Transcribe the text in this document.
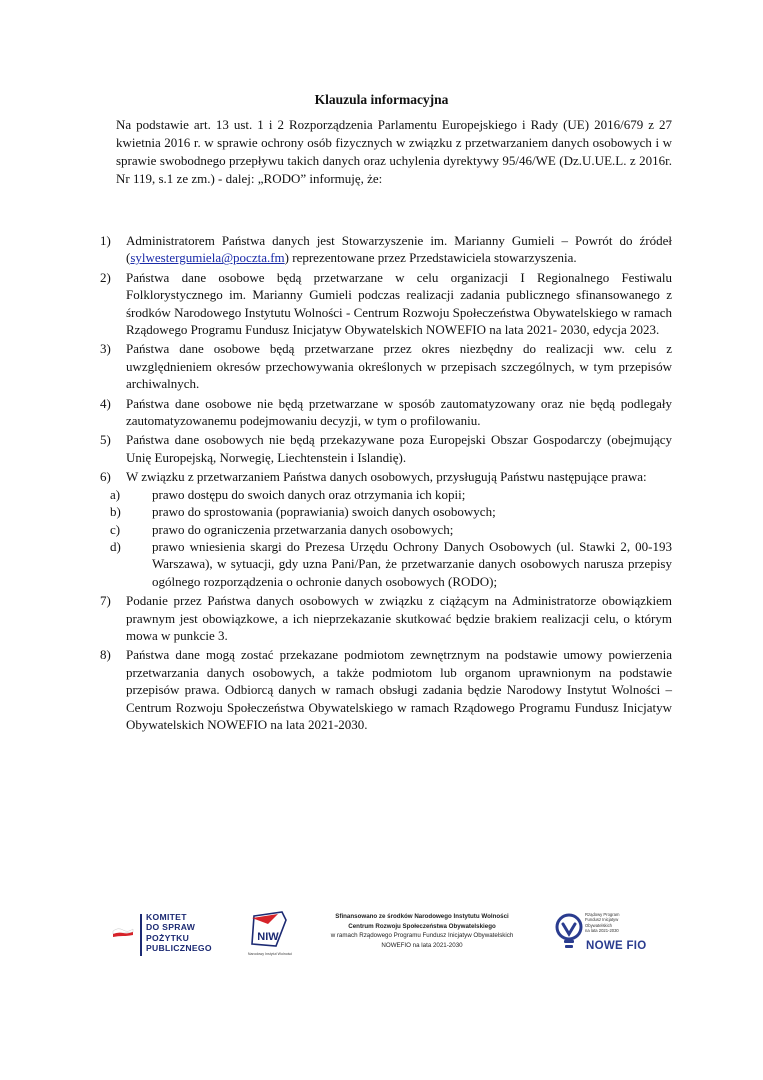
Klauzula informacyjna

Na podstawie art. 13 ust. 1 i 2 Rozporządzenia Parlamentu Europejskiego i Rady (UE) 2016/679 z 27 kwietnia 2016 r. w sprawie ochrony osób fizycznych w związku z przetwarzaniem danych osobowych i w sprawie swobodnego przepływu takich danych oraz uchylenia dyrektywy 95/46/WE (Dz.U.UE.L. z 2016r. Nr 119, s.1 ze zm.) - dalej: „RODO” informuję, że:

1) Administratorem Państwa danych jest Stowarzyszenie im. Marianny Gumieli – Powrót do źródeł (sylwestergumiela@poczta.fm) reprezentowane przez Przedstawiciela stowarzyszenia.
2) Państwa dane osobowe będą przetwarzane w celu organizacji I Regionalnego Festiwalu Folklorystycznego im. Marianny Gumieli podczas realizacji zadania publicznego sfinansowanego z środków Narodowego Instytutu Wolności - Centrum Rozwoju Społeczeństwa Obywatelskiego w ramach Rządowego Programu Fundusz Inicjatyw Obywatelskich NOWEFIO na lata 2021- 2030, edycja 2023.
3) Państwa dane osobowe będą przetwarzane przez okres niezbędny do realizacji ww. celu z uwzględnieniem okresów przechowywania określonych w przepisach szczególnych, w tym przepisów archiwalnych.
4) Państwa dane osobowe nie będą przetwarzane w sposób zautomatyzowany oraz nie będą podlegały zautomatyzowanemu podejmowaniu decyzji, w tym o profilowaniu.
5) Państwa dane osobowych nie będą przekazywane poza Europejski Obszar Gospodarczy (obejmujący Unię Europejską, Norwegię, Liechtenstein i Islandię).
6) W związku z przetwarzaniem Państwa danych osobowych, przysługują Państwu następujące prawa:
a)	prawo dostępu do swoich danych oraz otrzymania ich kopii;
b)	prawo do sprostowania (poprawiania) swoich danych osobowych;
c)	prawo do ograniczenia przetwarzania danych osobowych;
d)	prawo wniesienia skargi do Prezesa Urzędu Ochrony Danych Osobowych (ul. Stawki 2, 00-193 Warszawa), w sytuacji, gdy uzna Pani/Pan, że przetwarzanie danych osobowych narusza przepisy ogólnego rozporządzenia o ochronie danych osobowych (RODO);
7) Podanie przez Państwa danych osobowych w związku z ciążącym na Administratorze obowiązkiem prawnym jest obowiązkowe, a ich nieprzekazanie skutkować będzie brakiem realizacji celu, o którym mowa w punkcie 3.
8) Państwa dane mogą zostać przekazane podmiotom zewnętrznym na podstawie umowy powierzenia przetwarzania danych osobowych, a także podmiotom lub organom uprawnionym na podstawie przepisów prawa. Odbiorcą danych w ramach obsługi zadania będzie Narodowy Instytut Wolności – Centrum Rozwoju Społeczeństwa Obywatelskiego w ramach Rządowego Programu Fundusz Inicjatyw Obywatelskich NOWEFIO na lata 2021-2030.
KOMITET
DO SPRAW
POŻYTKU
PUBLICZNEGO
NIW
Narodowy Instytut Wolności
Sfinansowano ze środków Narodowego Instytutu Wolności
Centrum Rozwoju Społeczeństwa Obywatelskiego
w ramach Rządowego Programu Fundusz Inicjatyw Obywatelskich
NOWEFIO na lata 2021-2030
Rządowy Program
Fundusz Inicjatyw
Obywatelskich
na lata 2021-2030
NOWE FIO
